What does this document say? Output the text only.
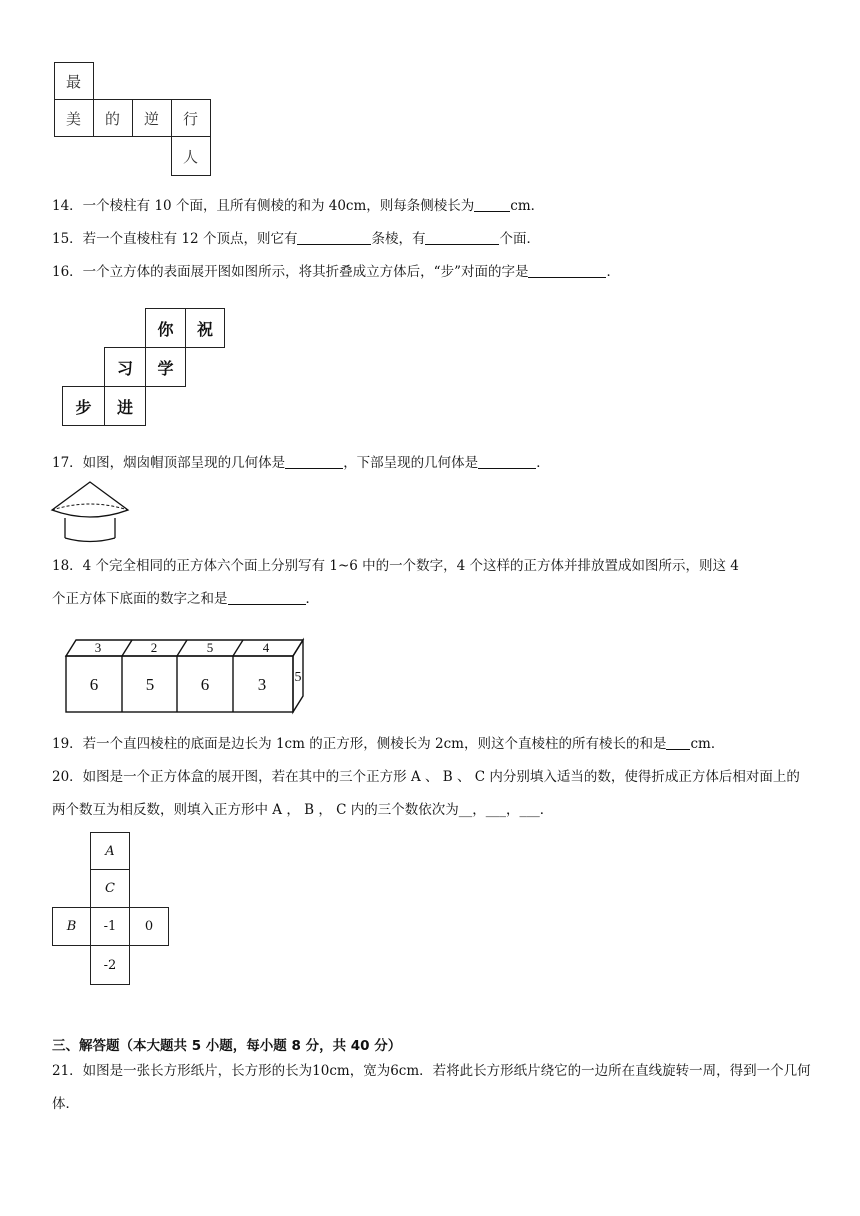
最
美	的	逆	行
人
14．一个棱柱有 10 个面，且所有侧棱的和为 40cm，则每条侧棱长为	cm．
15．若一个直棱柱有 12 个顶点，则它有	条棱，有	个面．
16．一个立方体的表面展开图如图所示，将其折叠成立方体后，“步”对面的字是	．
你	祝
习	学
步	进
17．如图，烟囱帽顶部呈现的几何体是	，下部呈现的几何体是	．
18．4 个完全相同的正方体六个面上分别写有 1~6 中的一个数字，4 个这样的正方体并排放置成如图所示，则这 4
个正方体下底面的数字之和是	．
3	2	5	4
6	5	6	3 5
19．若一个直四棱柱的底面是边长为 1cm 的正方形，侧棱长为 2cm，则这个直棱柱的所有棱长的和是 cm．
20．如图是一个正方体盒的展开图，若在其中的三个正方形 A 、 B 、 C 内分别填入适当的数，使得折成正方体后相对面上的两个数互为相反数，则填入正方形中 A ， B ， C 内的三个数依次为__，___，___．
A
C
B	-1	0
-2
三、解答题（本大题共 5 小题，每小题 8 分，共 40 分）
21．如图是一张长方形纸片，长方形的长为10cm，宽为6cm．若将此长方形纸片绕它的一边所在直线旋转一周，得到一个几何体．
